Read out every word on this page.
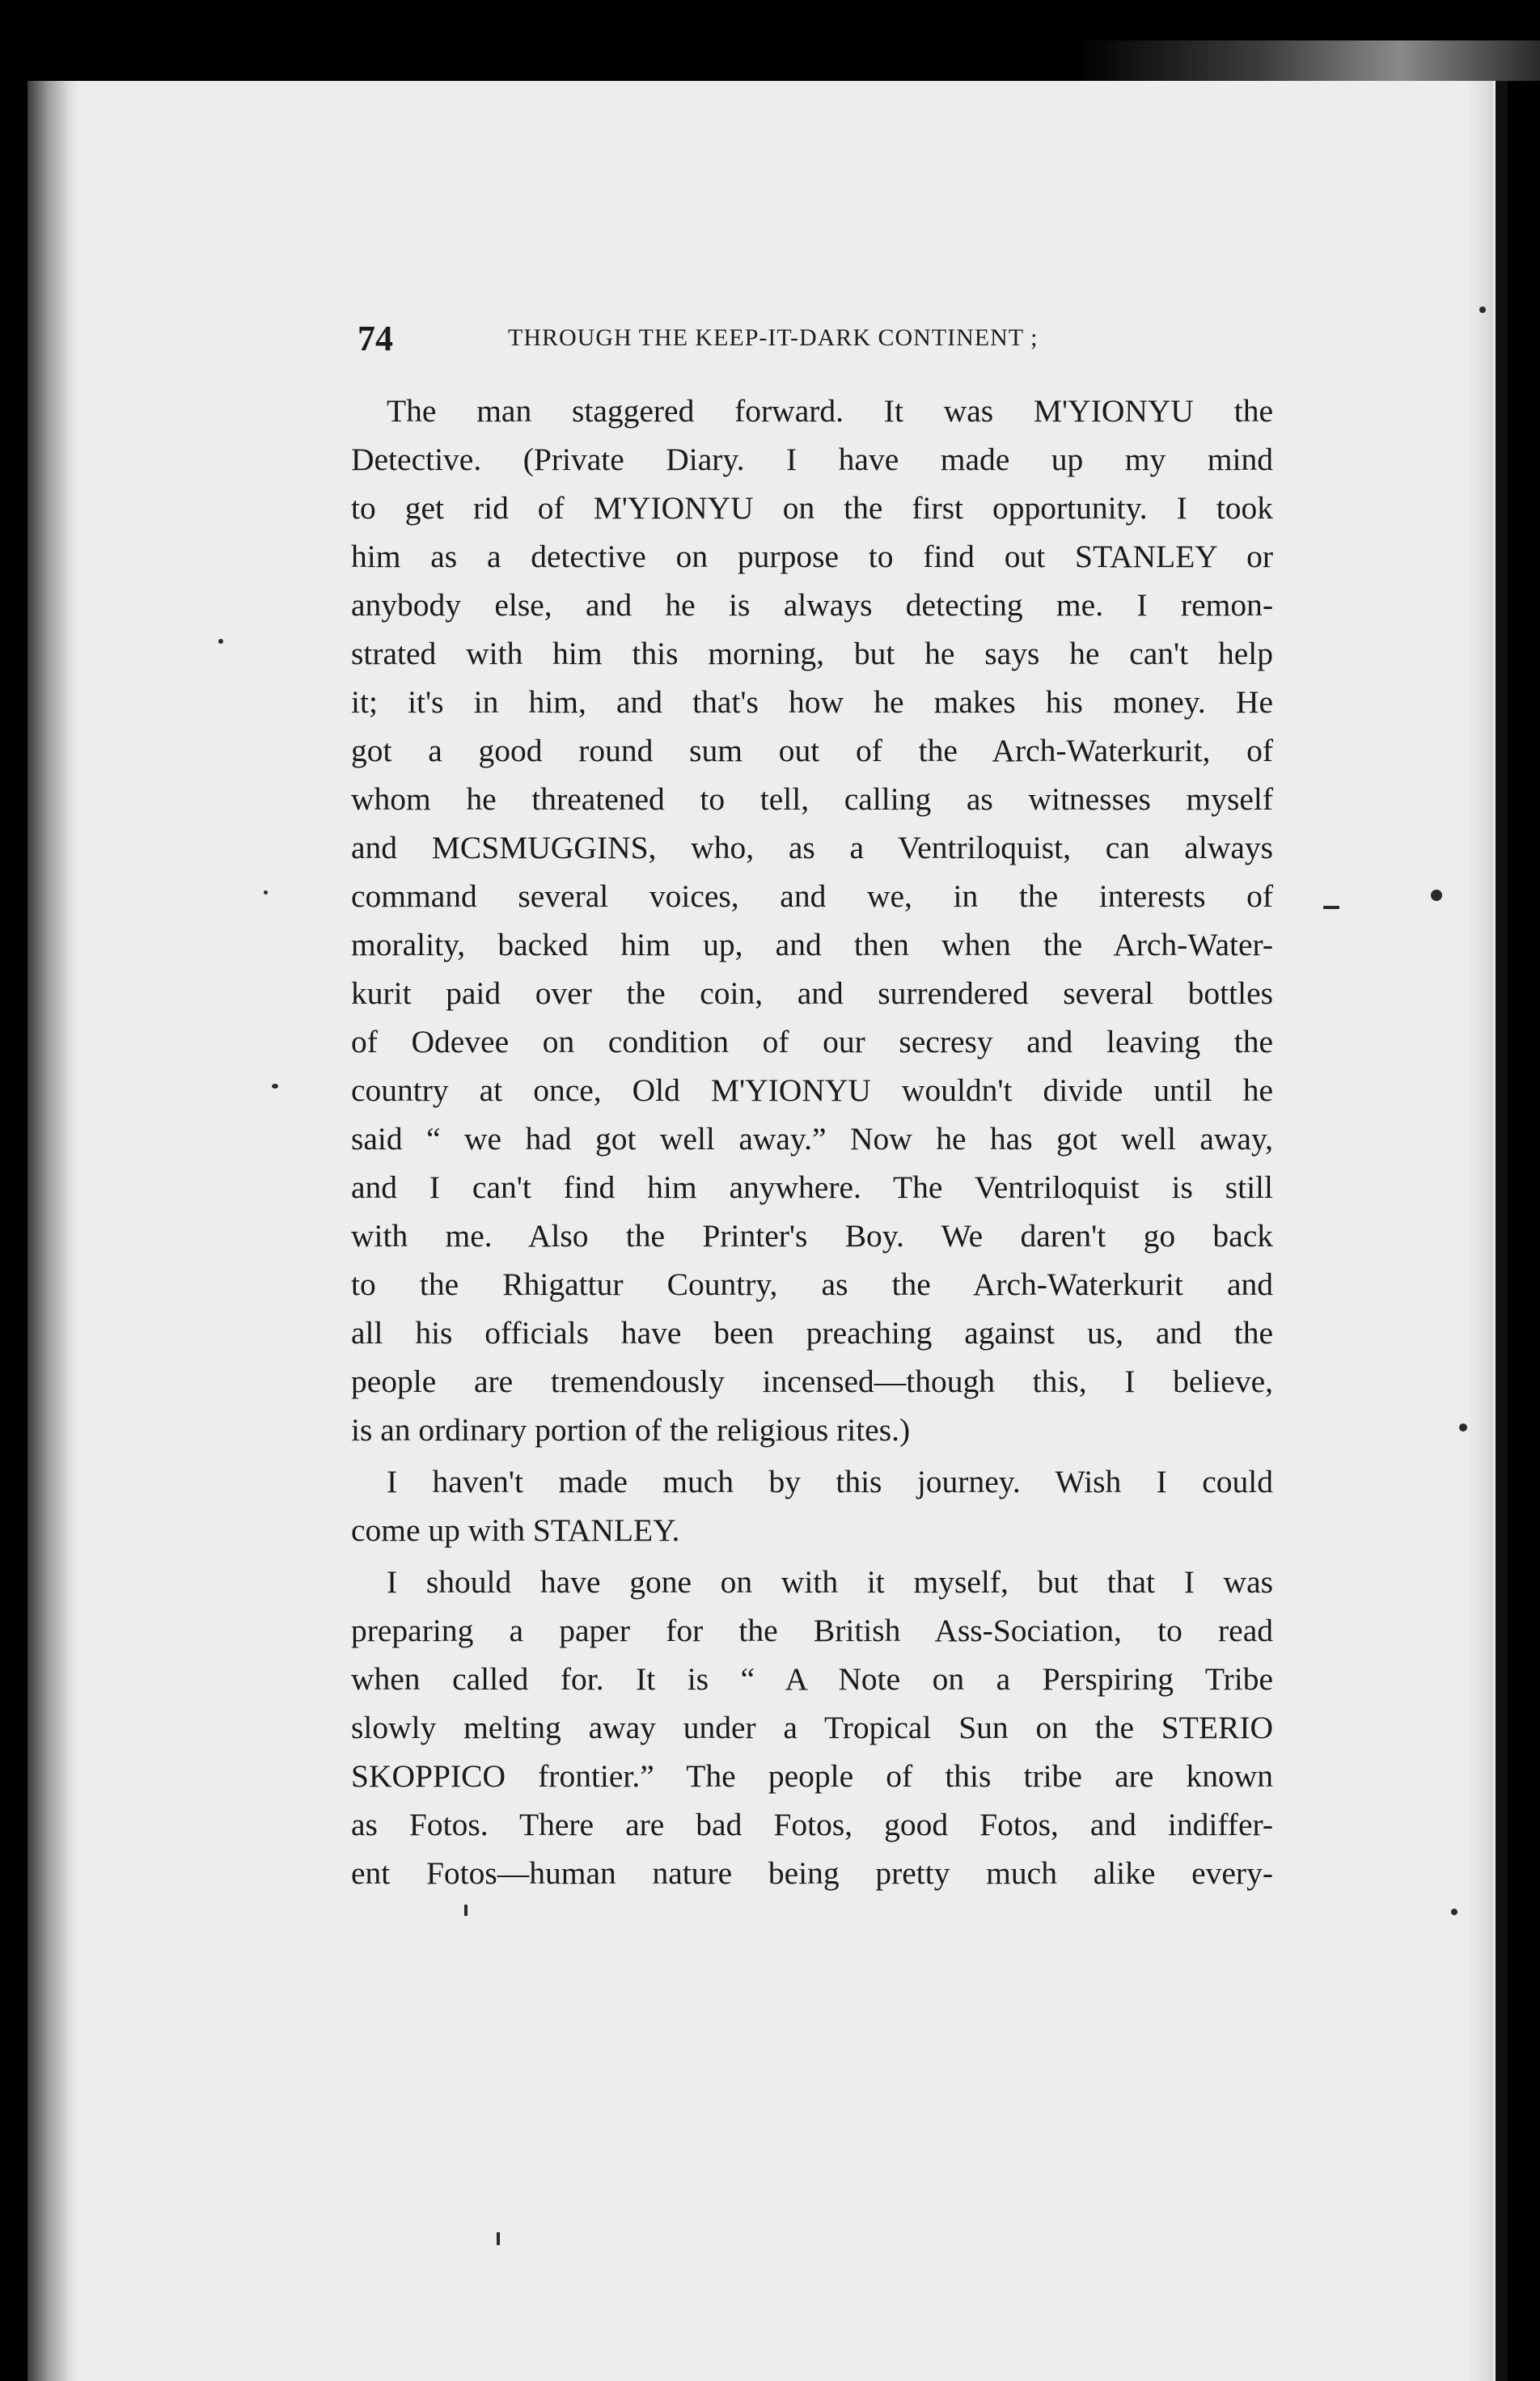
74	THROUGH THE KEEP-IT-DARK CONTINENT ;
The man staggered forward. It was M'YIONYU the
Detective. (Private Diary. I have made up my mind
to get rid of M'YIONYU on the first opportunity. I took
him as a detective on purpose to find out STANLEY or
anybody else, and he is always detecting me. I remon-
strated with him this morning, but he says he can't help
it; it's in him, and that's how he makes his money. He
got a good round sum out of the Arch-Waterkurit, of
whom he threatened to tell, calling as witnesses myself
and MCSMUGGINS, who, as a Ventriloquist, can always
command several voices, and we, in the interests of
morality, backed him up, and then when the Arch-Water-
kurit paid over the coin, and surrendered several bottles
of Odevee on condition of our secresy and leaving the
country at once, Old M'YIONYU wouldn't divide until he
said “ we had got well away.” Now he has got well away,
and I can't find him anywhere. The Ventriloquist is still
with me. Also the Printer's Boy. We daren't go back
to the Rhigattur Country, as the Arch-Waterkurit and
all his officials have been preaching against us, and the
people are tremendously incensed—though this, I believe,
is an ordinary portion of the religious rites.)
I haven't made much by this journey. Wish I could
come up with STANLEY.
I should have gone on with it myself, but that I was
preparing a paper for the British Ass-Sociation, to read
when called for. It is “ A Note on a Perspiring Tribe
slowly melting away under a Tropical Sun on the STERIO
SKOPPICO frontier.” The people of this tribe are known
as Fotos. There are bad Fotos, good Fotos, and indiffer-
ent Fotos—human nature being pretty much alike every-
